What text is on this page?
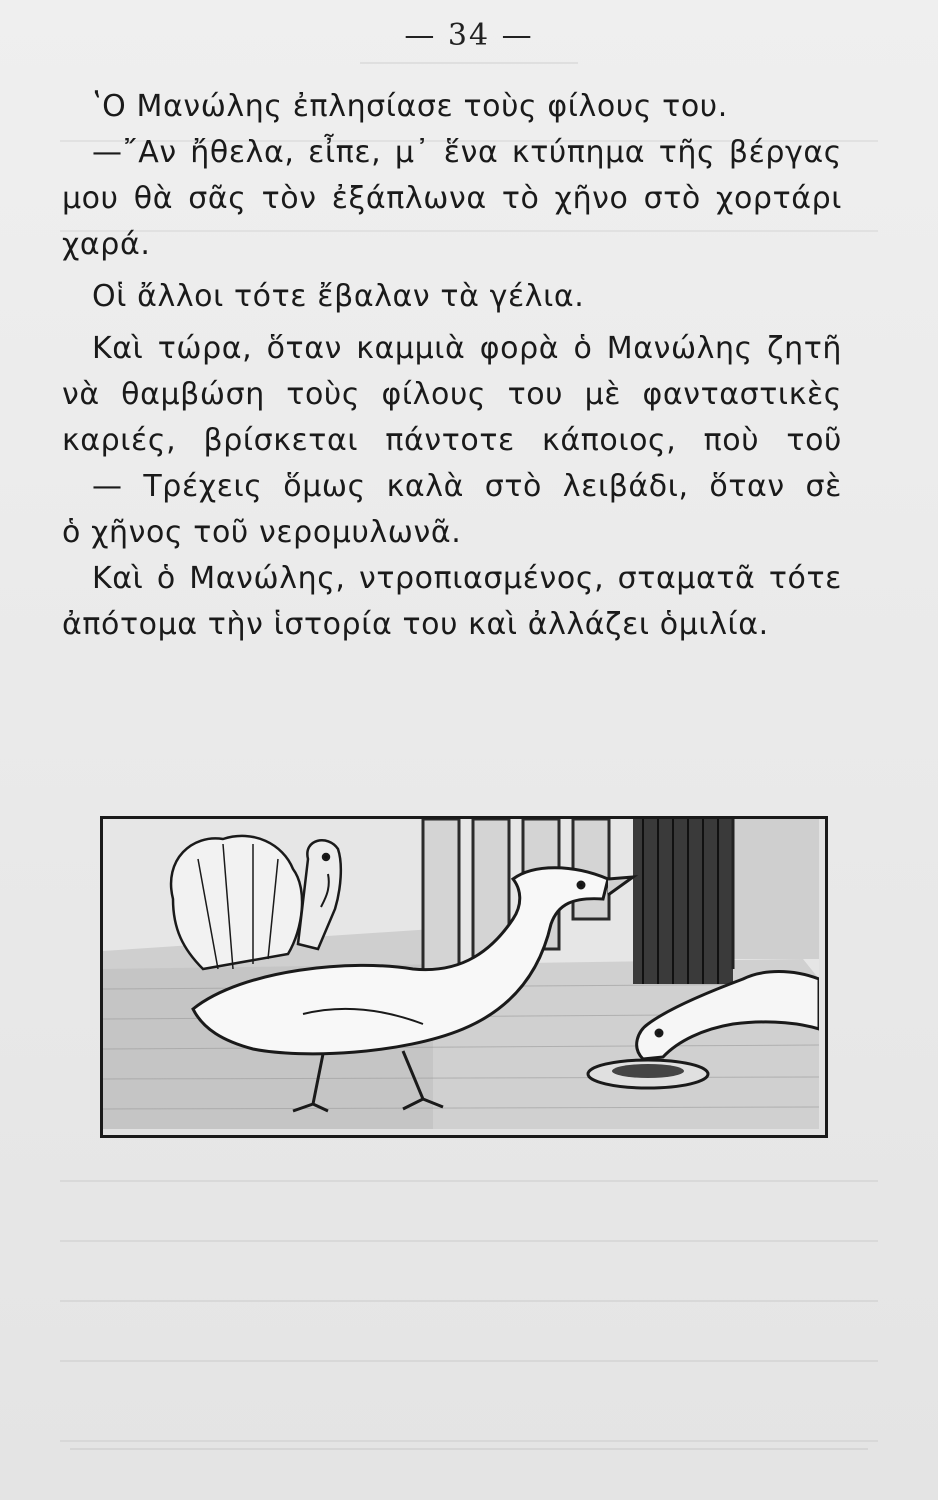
— 34 —
ʽΟ Μανώλης ἐπλησίασε τοὺς φίλους του.
—῎Αν ἤθελα, εἶπε, μ᾽ ἕνα κτύπημα τῆς βέργας
μου θὰ σᾶς τὸν ἐξάπλωνα τὸ χῆνο στὸ χορτάρι
χαρά.
Οἱ ἄλλοι τότε ἔβαλαν τὰ γέλια.
Καὶ τώρα, ὅταν καμμιὰ φορὰ ὁ Μανώλης ζητῆ
νὰ θαμβώση τοὺς φίλους του μὲ φανταστικὲς
καριές, βρίσκεται πάντοτε κάποιος, ποὺ τοῦ
— Τρέχεις ὅμως καλὰ στὸ λειβάδι, ὅταν σὲ
ὁ χῆνος τοῦ νερομυλωνᾶ.
Καὶ ὁ Μανώλης, ντροπιασμένος, σταματᾶ τότε
ἀπότομα τὴν ἱστορία του καὶ ἀλλάζει ὁμιλία.
